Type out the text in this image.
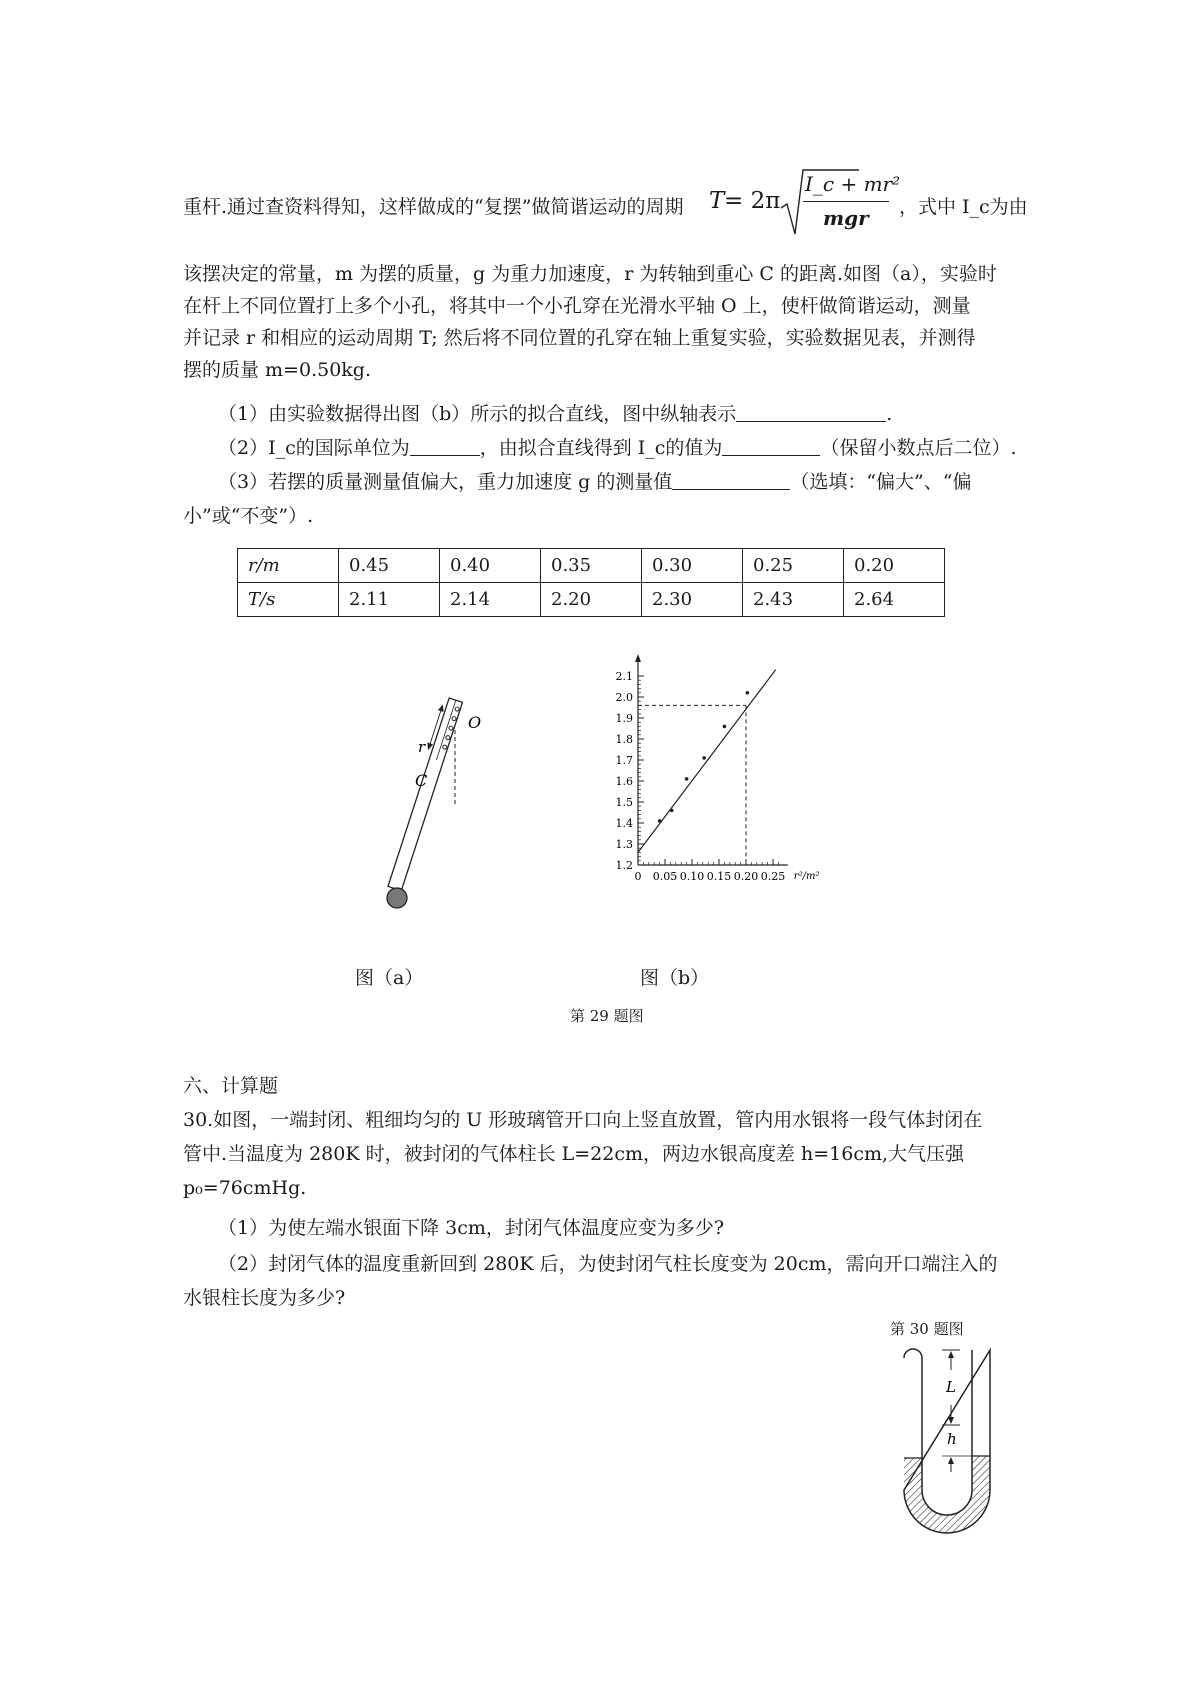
重杆.通过查资料得知，这样做成的“复摆”做简谐运动的周期 T = 2π
I_c + mr²
mgr ，式中 I_c为由
该摆决定的常量，m 为摆的质量，g 为重力加速度，r 为转轴到重心 C 的距离.如图（a），实验时
在杆上不同位置打上多个小孔，将其中一个小孔穿在光滑水平轴 O 上，使杆做简谐运动，测量
并记录 r 和相应的运动周期 T; 然后将不同位置的孔穿在轴上重复实验，实验数据见表，并测得
摆的质量 m=0.50kg.
（1）由实验数据得出图（b）所示的拟合直线，图中纵轴表示	.
（2）I_c的国际单位为	，由拟合直线得到 I_c的值为	（保留小数点后二位）.
（3）若摆的质量测量值偏大，重力加速度 g 的测量值	（选填：“偏大”、“偏
小”或“不变”）.
r/m	0.45	0.40	0.35	0.30	0.25	0.20
T/s	2.11	2.14	2.20	2.30	2.43	2.64
O
r
C
1.2
1.3
1.4
1.5
1.6
1.7
1.8
1.9
2.0
2.1
0 0.05 0.10 0.15 0.20 0.25 r²/m²
图（a）	图（b）
第 29 题图
六、计算题
30.如图，一端封闭、粗细均匀的 U 形玻璃管开口向上竖直放置，管内用水银将一段气体封闭在
管中.当温度为 280K 时，被封闭的气体柱长 L=22cm，两边水银高度差 h=16cm,大气压强
p₀=76cmHg.
（1）为使左端水银面下降 3cm，封闭气体温度应变为多少?
（2）封闭气体的温度重新回到 280K 后，为使封闭气柱长度变为 20cm，需向开口端注入的
水银柱长度为多少?
第 30 题图
L
h
